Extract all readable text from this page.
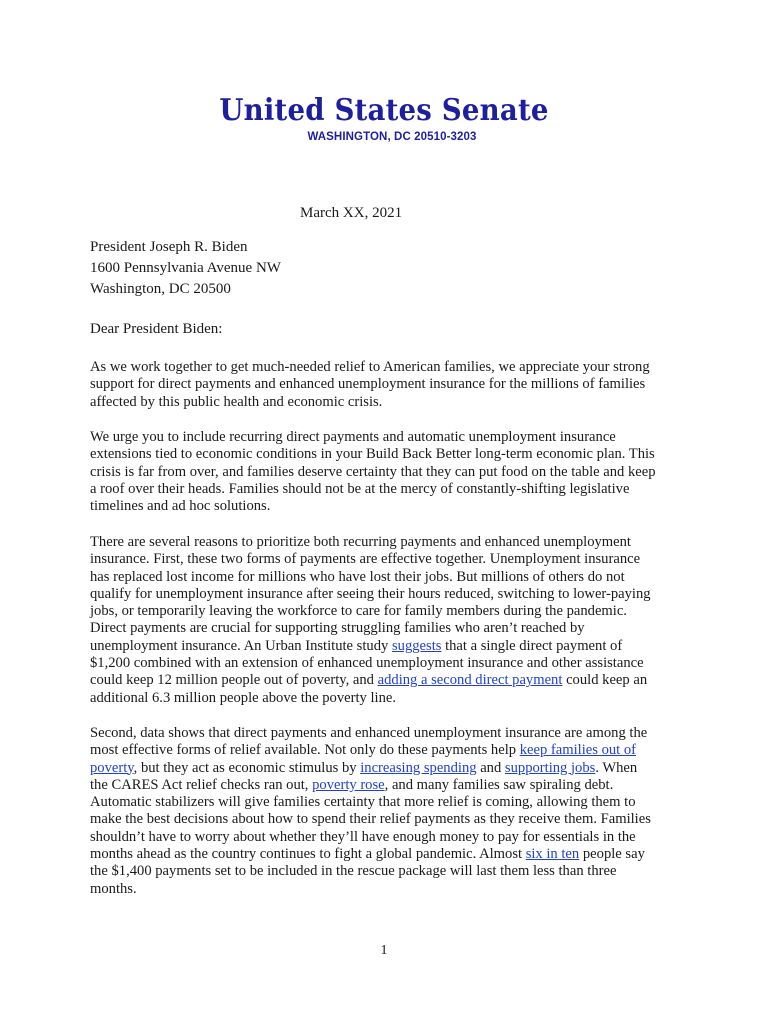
United States Senate
WASHINGTON, DC 20510-3203
March XX, 2021
President Joseph R. Biden
1600 Pennsylvania Avenue NW
Washington, DC 20500
Dear President Biden:
As we work together to get much-needed relief to American families, we appreciate your strong
support for direct payments and enhanced unemployment insurance for the millions of families
affected by this public health and economic crisis.
We urge you to include recurring direct payments and automatic unemployment insurance
extensions tied to economic conditions in your Build Back Better long-term economic plan. This
crisis is far from over, and families deserve certainty that they can put food on the table and keep
a roof over their heads. Families should not be at the mercy of constantly-shifting legislative
timelines and ad hoc solutions.
There are several reasons to prioritize both recurring payments and enhanced unemployment
insurance. First, these two forms of payments are effective together. Unemployment insurance
has replaced lost income for millions who have lost their jobs. But millions of others do not
qualify for unemployment insurance after seeing their hours reduced, switching to lower-paying
jobs, or temporarily leaving the workforce to care for family members during the pandemic.
Direct payments are crucial for supporting struggling families who aren’t reached by
unemployment insurance. An Urban Institute study suggests that a single direct payment of
$1,200 combined with an extension of enhanced unemployment insurance and other assistance
could keep 12 million people out of poverty, and adding a second direct payment could keep an
additional 6.3 million people above the poverty line.
Second, data shows that direct payments and enhanced unemployment insurance are among the
most effective forms of relief available. Not only do these payments help keep families out of
poverty, but they act as economic stimulus by increasing spending and supporting jobs. When
the CARES Act relief checks ran out, poverty rose, and many families saw spiraling debt.
Automatic stabilizers will give families certainty that more relief is coming, allowing them to
make the best decisions about how to spend their relief payments as they receive them. Families
shouldn’t have to worry about whether they’ll have enough money to pay for essentials in the
months ahead as the country continues to fight a global pandemic. Almost six in ten people say
the $1,400 payments set to be included in the rescue package will last them less than three
months.
1
